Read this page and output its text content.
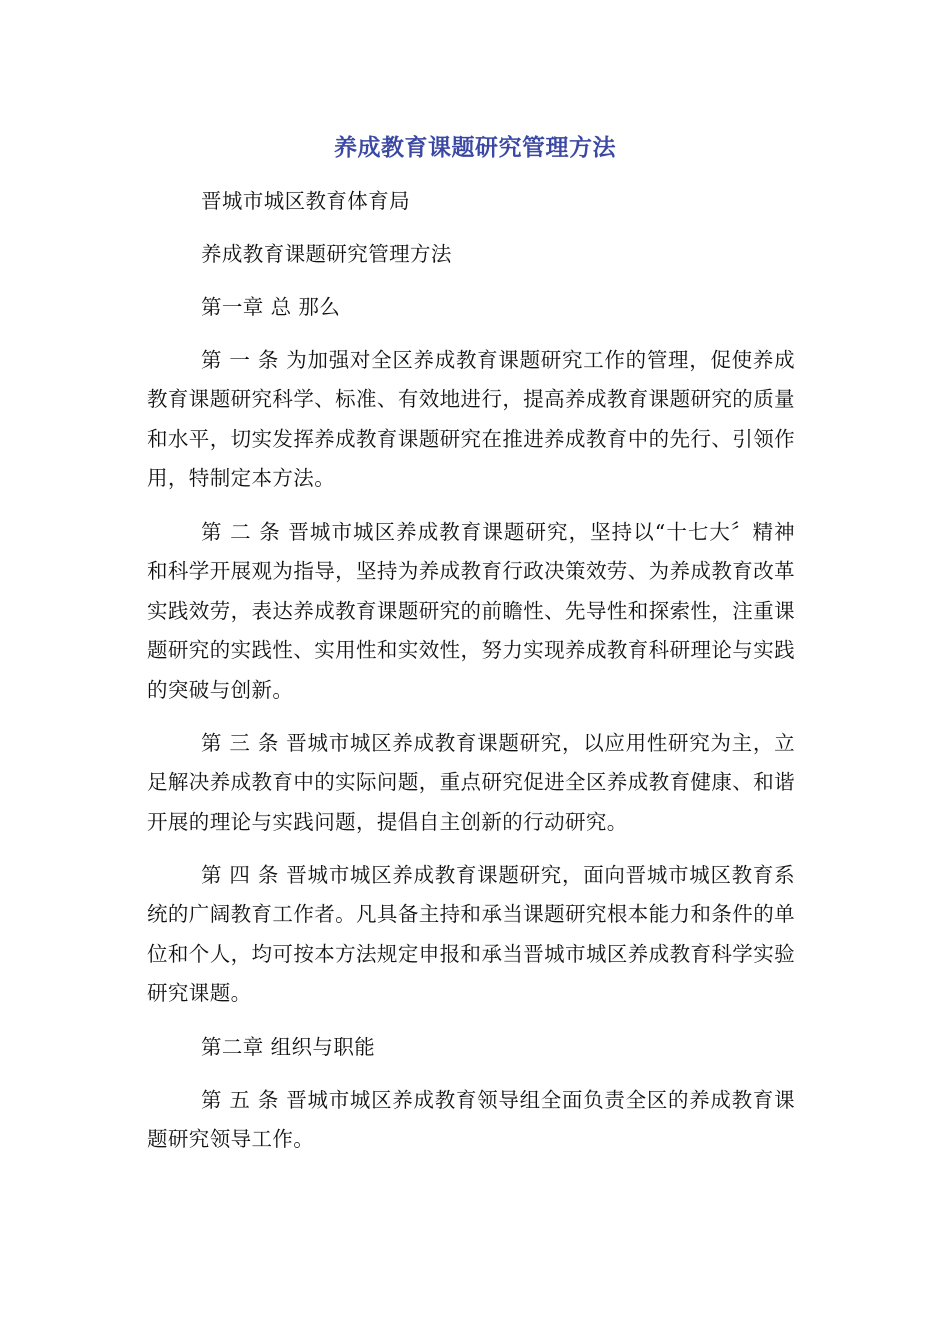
养成教育课题研究管理方法

晋城市城区教育体育局

养成教育课题研究管理方法

第一章 总 那么

第 一 条 为加强对全区养成教育课题研究工作的管理，促使养成教育课题研究科学、标准、有效地进行，提高养成教育课题研究的质量和水平，切实发挥养成教育课题研究在推进养成教育中的先行、引领作用，特制定本方法。

第 二 条 晋城市城区养成教育课题研究，坚持以“十七大〞精神和科学开展观为指导，坚持为养成教育行政决策效劳、为养成教育改革实践效劳，表达养成教育课题研究的前瞻性、先导性和探索性，注重课题研究的实践性、实用性和实效性，努力实现养成教育科研理论与实践的突破与创新。

第 三 条 晋城市城区养成教育课题研究，以应用性研究为主，立足解决养成教育中的实际问题，重点研究促进全区养成教育健康、和谐开展的理论与实践问题，提倡自主创新的行动研究。

第 四 条 晋城市城区养成教育课题研究，面向晋城市城区教育系统的广阔教育工作者。凡具备主持和承当课题研究根本能力和条件的单位和个人，均可按本方法规定申报和承当晋城市城区养成教育科学实验研究课题。

第二章 组织与职能

第 五 条 晋城市城区养成教育领导组全面负责全区的养成教育课题研究领导工作。
